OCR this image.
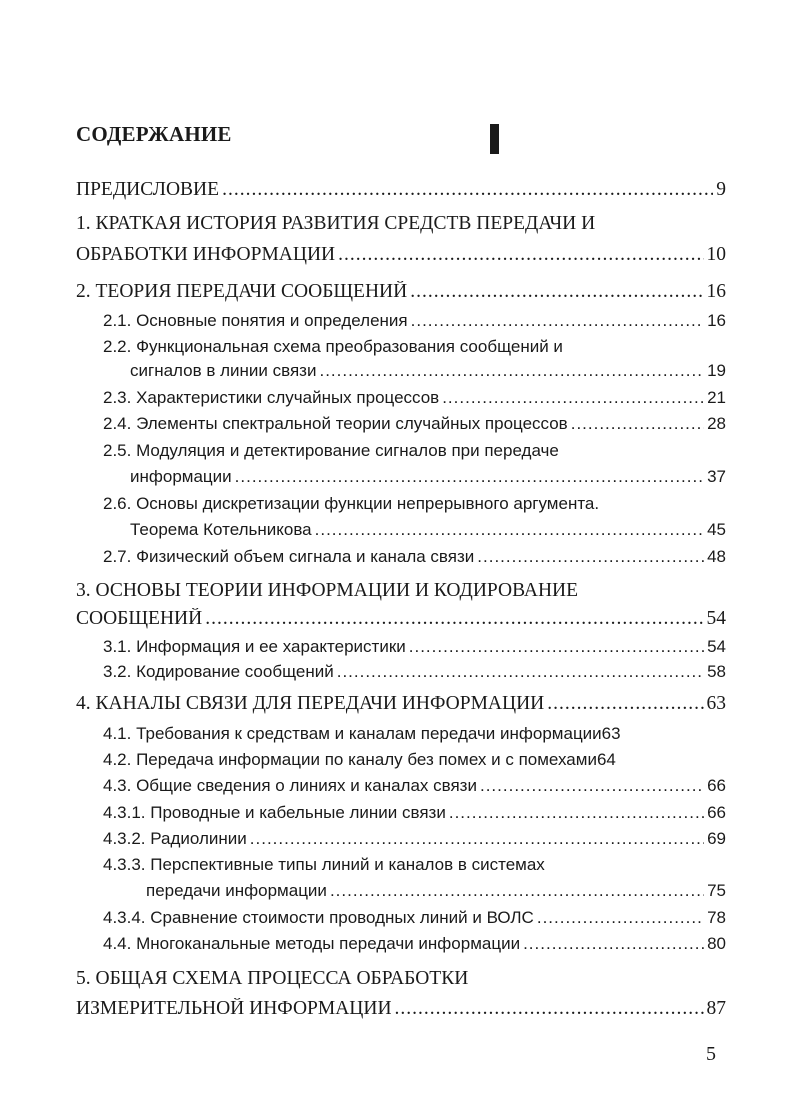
СОДЕРЖАНИЕ
ПРЕДИСЛОВИЕ .....	9
1. КРАТКАЯ ИСТОРИЯ РАЗВИТИЯ СРЕДСТВ ПЕРЕДАЧИ И
ОБРАБОТКИ ИНФОРМАЦИИ .....	10
2. ТЕОРИЯ ПЕРЕДАЧИ СООБЩЕНИЙ .....	16
2.1. Основные понятия и определения .....	16
2.2. Функциональная схема преобразования сообщений и
сигналов в линии связи .....	19
2.3. Характеристики случайных процессов .....	21
2.4. Элементы спектральной теории случайных процессов .....	28
2.5. Модуляция и детектирование сигналов при передаче
информации .....	37
2.6. Основы дискретизации функции непрерывного аргумента.
Теорема Котельникова .....	45
2.7. Физический объем сигнала и канала связи .....	48
3. ОСНОВЫ ТЕОРИИ ИНФОРМАЦИИ И КОДИРОВАНИЕ
СООБЩЕНИЙ .....	54
3.1. Информация и ее характеристики .....	54
3.2. Кодирование сообщений .....	58
4. КАНАЛЫ СВЯЗИ ДЛЯ ПЕРЕДАЧИ ИНФОРМАЦИИ .....	63
4.1. Требования к средствам и каналам передачи информации63
4.2. Передача информации по каналу без помех и с помехами64
4.3. Общие сведения о линиях и каналах связи .....	66
4.3.1. Проводные и кабельные линии связи .....	66
4.3.2. Радиолинии .....	69
4.3.3. Перспективные типы линий и каналов в системах
передачи информации .....	75
4.3.4. Сравнение стоимости проводных линий и ВОЛС .....	78
4.4. Многоканальные методы передачи информации .....	80
5. ОБЩАЯ СХЕМА ПРОЦЕССА ОБРАБОТКИ
ИЗМЕРИТЕЛЬНОЙ ИНФОРМАЦИИ .....	87
5
